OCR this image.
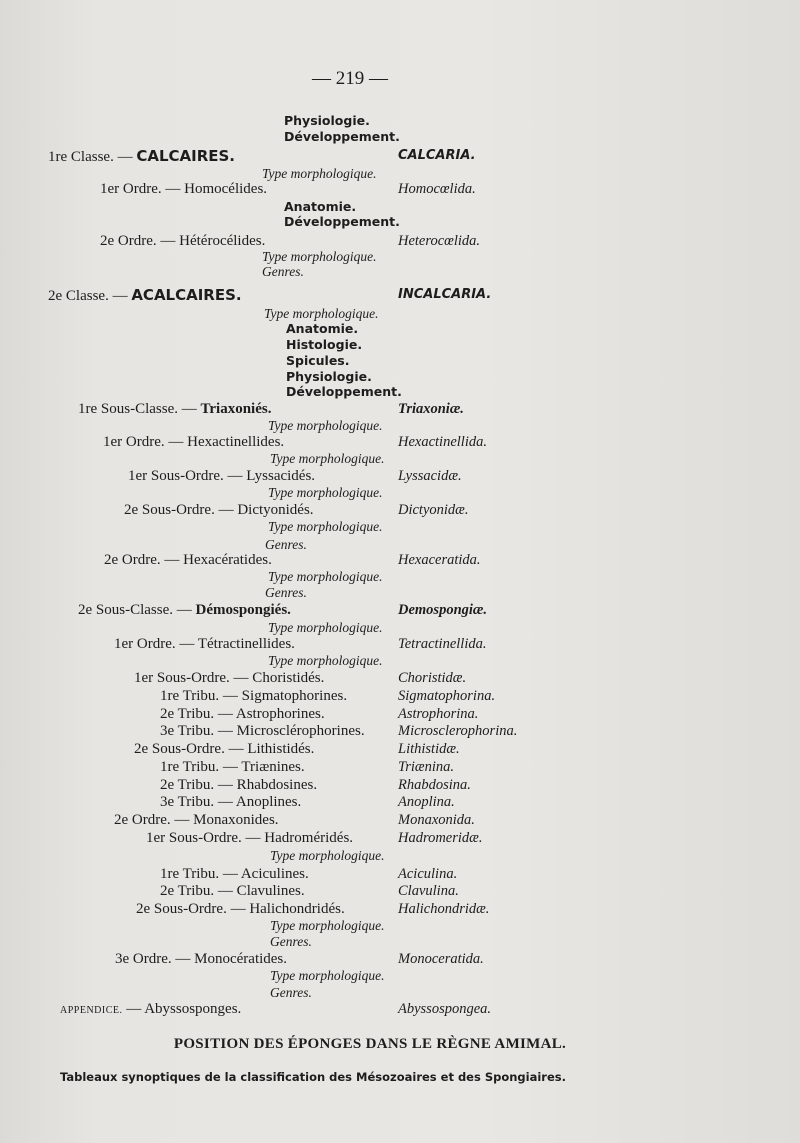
— 219 —
Physiologie.
Développement.
1re Classe. — CALCAIRES.	CALCARIA.
Type morphologique.
1er Ordre. — Homocélides.	Homocœlida.
Anatomie.
Développement.
2e Ordre. — Hétérocélides.	Heterocœlida.
Type morphologique.
Genres.
2e Classe. — ACALCAIRES.	INCALCARIA.
Type morphologique.
Anatomie.
Histologie.
Spicules.
Physiologie.
Développement.
1re Sous-Classe. — Triaxoniés.	Triaxoniæ.
Type morphologique.
1er Ordre. — Hexactinellides.	Hexactinellida.
Type morphologique.
1er Sous-Ordre. — Lyssacidés.	Lyssacidæ.
Type morphologique.
2e Sous-Ordre. — Dictyonidés.	Dictyonidæ.
Type morphologique.
Genres.
2e Ordre. — Hexacératides.	Hexaceratida.
Type morphologique.
Genres.
2e Sous-Classe. — Démospongiés.	Demospongiæ.
Type morphologique.
1er Ordre. — Tétractinellides.	Tetractinellida.
Type morphologique.
1er Sous-Ordre. — Choristidés.	Choristidæ.
1re Tribu. — Sigmatophorines.	Sigmatophorina.
2e Tribu. — Astrophorines.	Astrophorina.
3e Tribu. — Microsclérophorines. Microsclerophorina.
2e Sous-Ordre. — Lithistidés.	Lithistidæ.
1re Tribu. — Triænines.	Triænina.
2e Tribu. — Rhabdosines.	Rhabdosina.
3e Tribu. — Anoplines.	Anoplina.
2e Ordre. — Monaxonides.	Monaxonida.
1er Sous-Ordre. — Hadroméridés.	Hadromeridæ.
Type morphologique.
1re Tribu. — Aciculines.	Aciculina.
2e Tribu. — Clavulines.	Clavulina.
2e Sous-Ordre. — Halichondridés.	Halichondridæ.
Type morphologique.
Genres.
3e Ordre. — Monocératides.	Monoceratida.
Type morphologique.
Genres.
APPENDICE. — Abyssosponges.	Abyssospongea.
POSITION DES ÉPONGES DANS LE RÈGNE AMIMAL.
Tableaux synoptiques de la classification des Mésozoaires et des Spongiaires.
